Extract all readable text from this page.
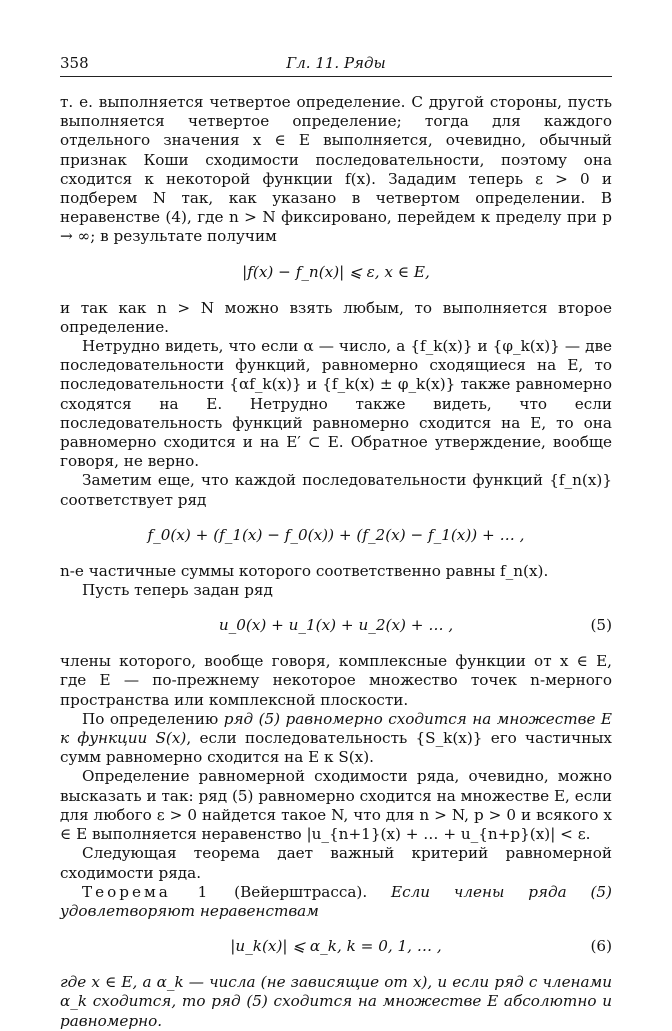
358	Гл. 11. Ряды

т. е. выполняется четвертое определение. С другой стороны, пусть выполняется четвертое определение; тогда для каждого отдельного значения x ∈ E выполняется, очевидно, обычный признак Коши сходимости последовательности, поэтому она сходится к некоторой функции f(x). Зададим теперь ε > 0 и подберем N так, как указано в четвертом определении. В неравенстве (4), где n > N фиксировано, перейдем к пределу при p → ∞; в результате получим

|f(x) − f_n(x)| ⩽ ε, x ∈ E,

и так как n > N можно взять любым, то выполняется второе определение.

Нетрудно видеть, что если α — число, а {f_k(x)} и {φ_k(x)} — две последовательности функций, равномерно сходящиеся на E, то последовательности {αf_k(x)} и {f_k(x) ± φ_k(x)} также равномерно сходятся на E. Нетрудно также видеть, что если последовательность функций равномерно сходится на E, то она равномерно сходится и на E′ ⊂ E. Обратное утверждение, вообще говоря, не верно.

Заметим еще, что каждой последовательности функций {f_n(x)} соответствует ряд

f_0(x) + (f_1(x) − f_0(x)) + (f_2(x) − f_1(x)) + … ,

n-е частичные суммы которого соответственно равны f_n(x).

Пусть теперь задан ряд

u_0(x) + u_1(x) + u_2(x) + … ,	(5)

члены которого, вообще говоря, комплексные функции от x ∈ E, где E — по-прежнему некоторое множество точек n-мерного пространства или комплексной плоскости.

По определению ряд (5) равномерно сходится на множестве E к функции S(x), если последовательность {S_k(x)} его частичных сумм равномерно сходится на E к S(x).

Определение равномерной сходимости ряда, очевидно, можно высказать и так: ряд (5) равномерно сходится на множестве E, если для любого ε > 0 найдется такое N, что для n > N, p > 0 и всякого x ∈ E выполняется неравенство |u_{n+1}(x) + … + u_{n+p}(x)| < ε.

Следующая теорема дает важный критерий равномерной сходимости ряда.

Теорема 1 (Вейерштрасса). Если члены ряда (5) удовлетворяют неравенствам

|u_k(x)| ⩽ α_k, k = 0, 1, … ,	(6)

где x ∈ E, а α_k — числа (не зависящие от x), и если ряд с членами α_k сходится, то ряд (5) сходится на множестве E абсолютно и равномерно.
